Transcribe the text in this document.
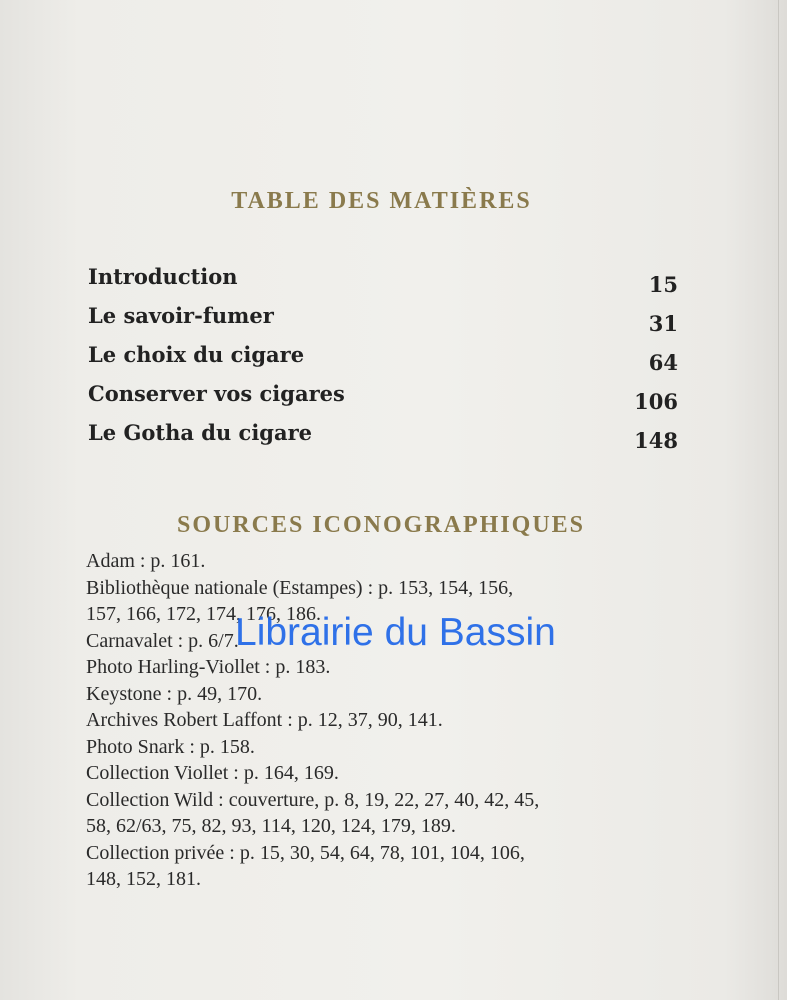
TABLE DES MATIÈRES
Introduction	15
Le savoir-fumer	31
Le choix du cigare	64
Conserver vos cigares	106
Le Gotha du cigare	148
SOURCES ICONOGRAPHIQUES
Adam : p. 161.
Bibliothèque nationale (Estampes) : p. 153, 154, 156,
157, 166, 172, 174, 176, 186.
Carnavalet : p. 6/7.
Photo Harling-Viollet : p. 183.
Keystone : p. 49, 170.
Archives Robert Laffont : p. 12, 37, 90, 141.
Photo Snark : p. 158.
Collection Viollet : p. 164, 169.
Collection Wild : couverture, p. 8, 19, 22, 27, 40, 42, 45,
58, 62/63, 75, 82, 93, 114, 120, 124, 179, 189.
Collection privée : p. 15, 30, 54, 64, 78, 101, 104, 106,
148, 152, 181.
Librairie du Bassin
